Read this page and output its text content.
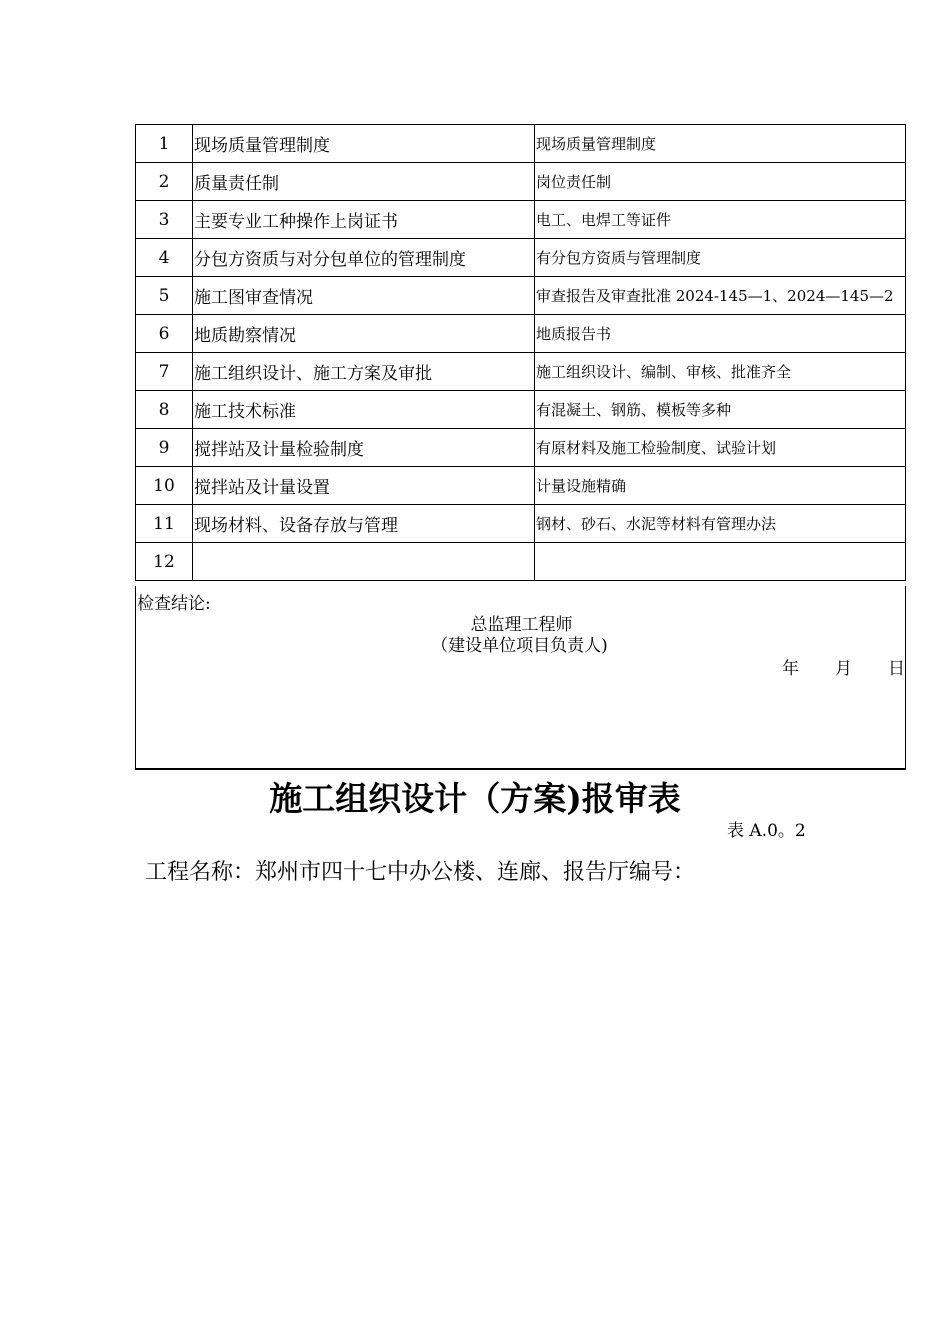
1	现场质量管理制度	现场质量管理制度
2	质量责任制	岗位责任制
3	主要专业工种操作上岗证书	电工、电焊工等证件
4	分包方资质与对分包单位的管理制度	有分包方资质与管理制度
5	施工图审查情况	审查报告及审查批准 2024-145—1、2024—145—2
6	地质勘察情况	地质报告书
7	施工组织设计、施工方案及审批	施工组织设计、编制、审核、批准齐全
8	施工技术标准	有混凝土、钢筋、模板等多种
9	搅拌站及计量检验制度	有原材料及施工检验制度、试验计划
10	搅拌站及计量设置	计量设施精确
11	现场材料、设备存放与管理	钢材、砂石、水泥等材料有管理办法
12		
检查结论:
总监理工程师
（建设单位项目负责人)
年 月 日
施工组织设计（方案)报审表
表 A.0。2
工程名称：郑州市四十七中办公楼、连廊、报告厅编号：
